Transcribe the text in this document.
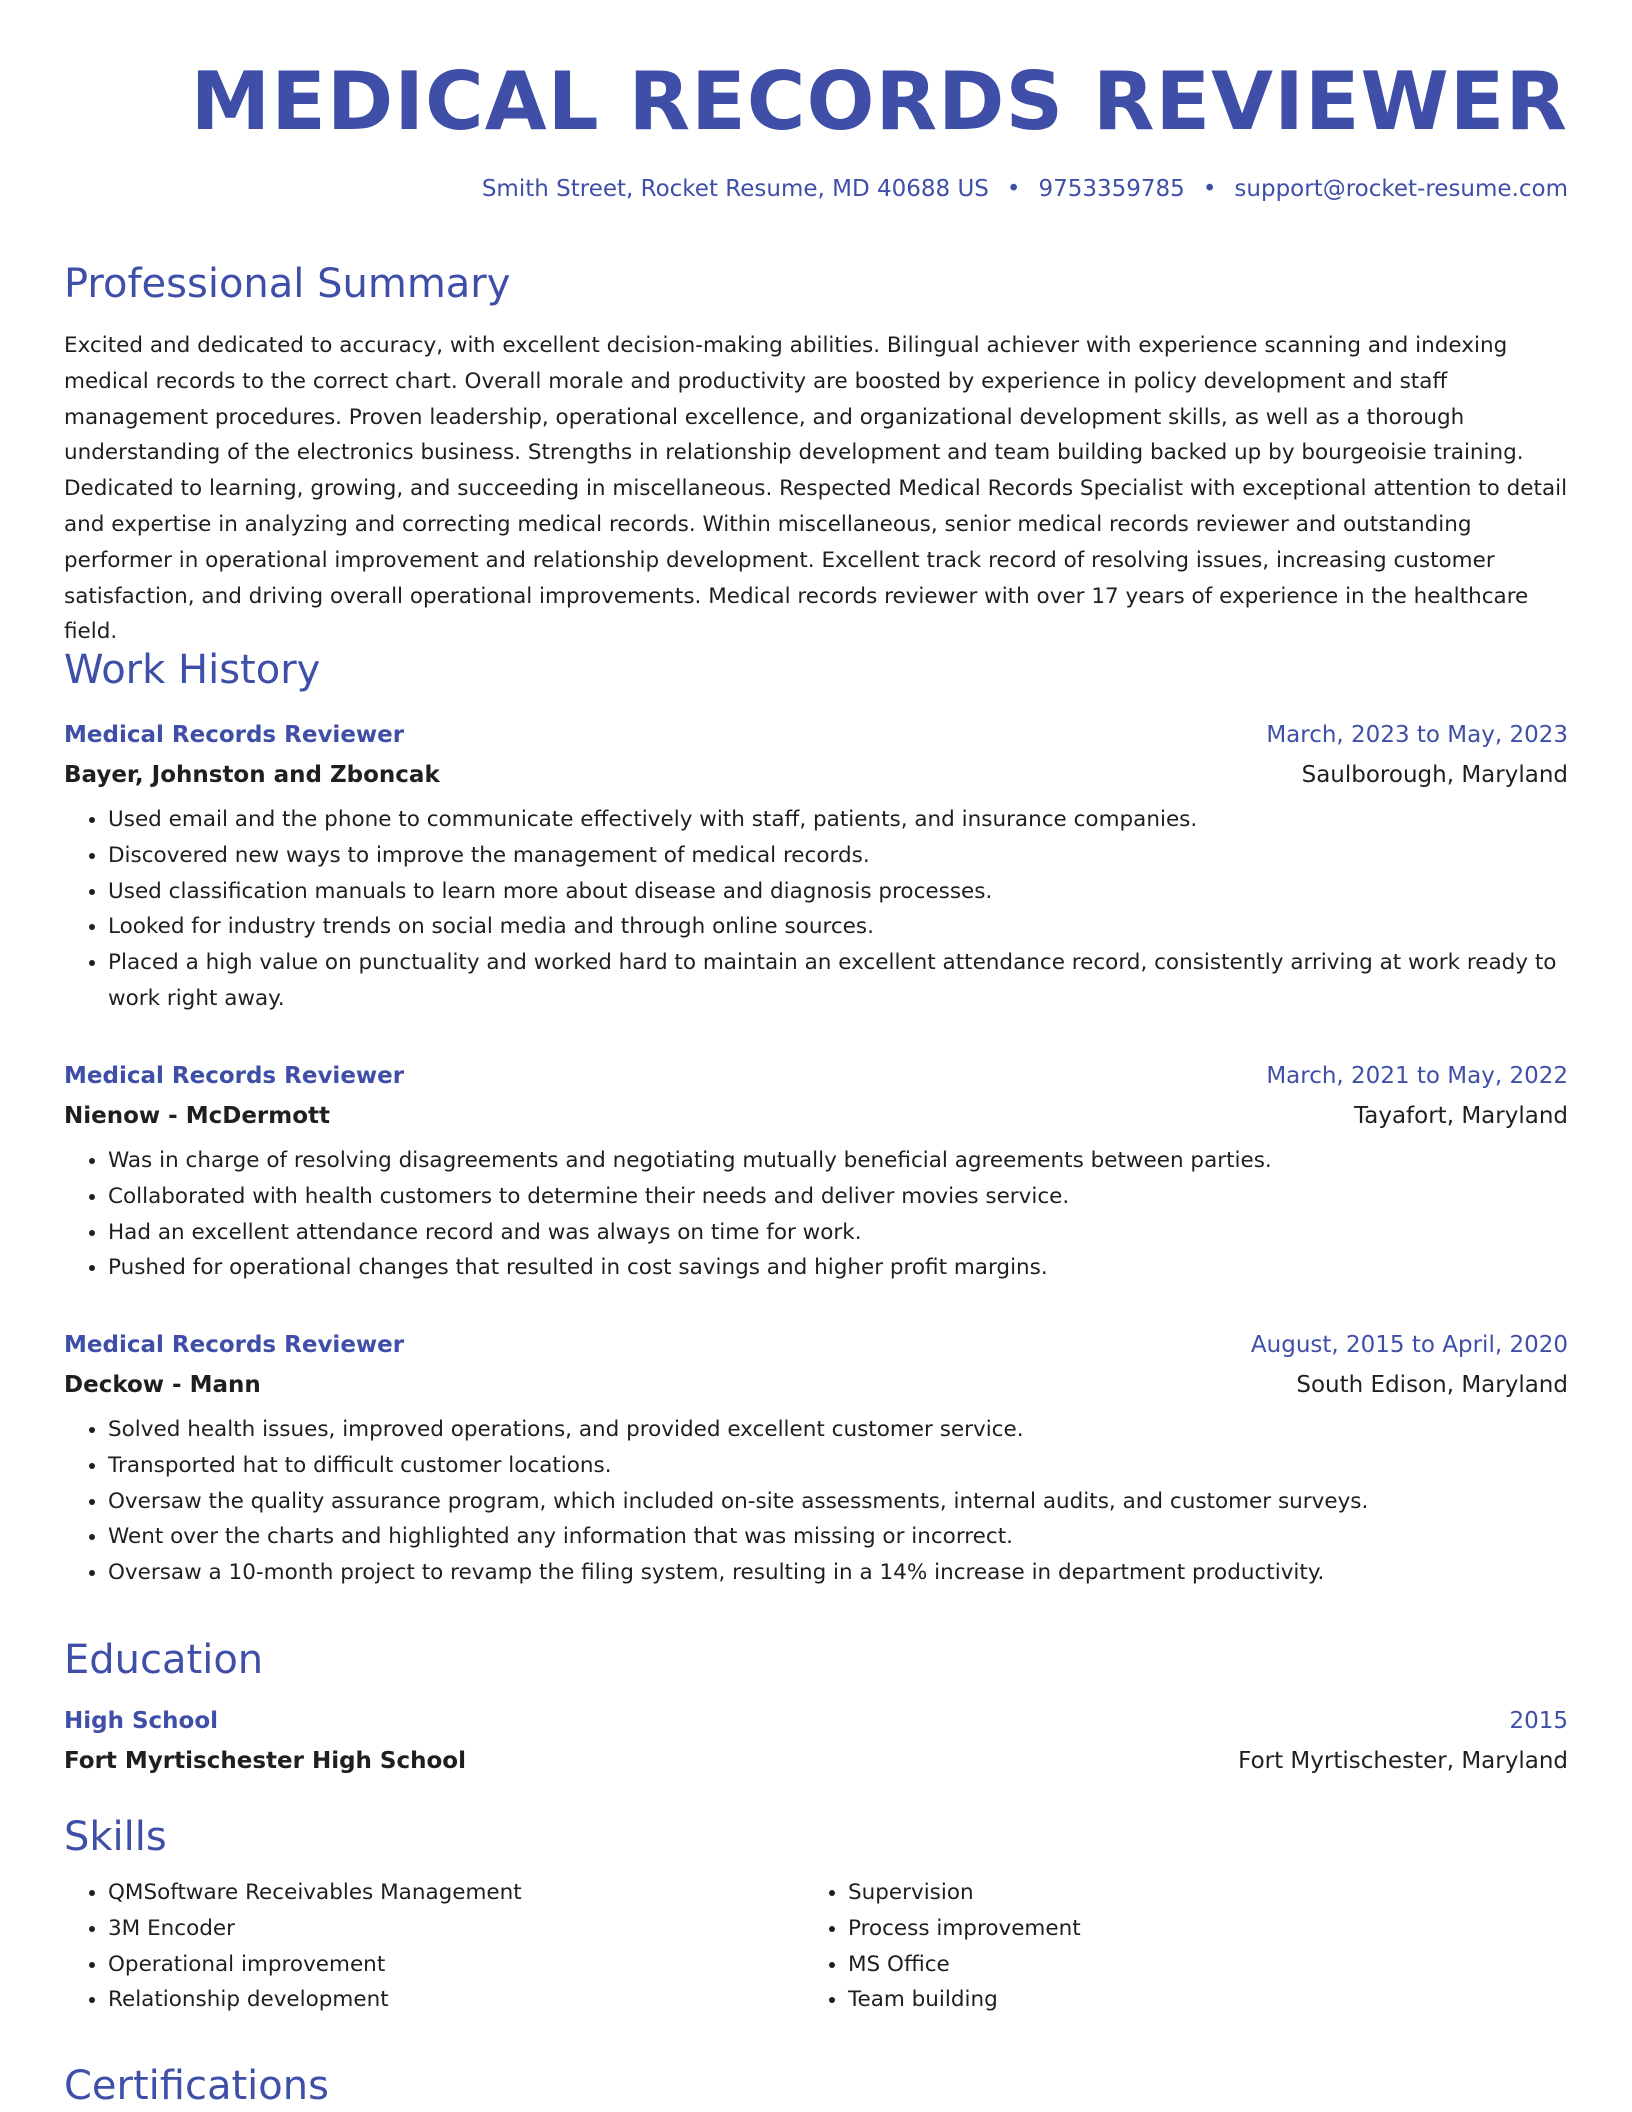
MEDICAL RECORDS REVIEWER
Smith Street, Rocket Resume, MD 40688 US • 9753359785 • support@rocket-resume.com
Professional Summary

Excited and dedicated to accuracy, with excellent decision-making abilities. Bilingual achiever with experience scanning and indexing medical records to the correct chart. Overall morale and productivity are boosted by experience in policy development and staff management procedures. Proven leadership, operational excellence, and organizational development skills, as well as a thorough understanding of the electronics business. Strengths in relationship development and team building backed up by bourgeoisie training. Dedicated to learning, growing, and succeeding in miscellaneous. Respected Medical Records Specialist with exceptional attention to detail and expertise in analyzing and correcting medical records. Within miscellaneous, senior medical records reviewer and outstanding performer in operational improvement and relationship development. Excellent track record of resolving issues, increasing customer satisfaction, and driving overall operational improvements. Medical records reviewer with over 17 years of experience in the healthcare field.

Work History
Medical Records Reviewer	March, 2023 to May, 2023
Bayer, Johnston and Zboncak	Saulborough, Maryland
• Used email and the phone to communicate effectively with staff, patients, and insurance companies.
• Discovered new ways to improve the management of medical records.
• Used classification manuals to learn more about disease and diagnosis processes.
• Looked for industry trends on social media and through online sources.
• Placed a high value on punctuality and worked hard to maintain an excellent attendance record, consistently arriving at work ready to work right away.
Medical Records Reviewer	March, 2021 to May, 2022
Nienow - McDermott	Tayafort, Maryland
• Was in charge of resolving disagreements and negotiating mutually beneficial agreements between parties.
• Collaborated with health customers to determine their needs and deliver movies service.
• Had an excellent attendance record and was always on time for work.
• Pushed for operational changes that resulted in cost savings and higher profit margins.
Medical Records Reviewer	August, 2015 to April, 2020
Deckow - Mann	South Edison, Maryland
• Solved health issues, improved operations, and provided excellent customer service.
• Transported hat to difficult customer locations.
• Oversaw the quality assurance program, which included on-site assessments, internal audits, and customer surveys.
• Went over the charts and highlighted any information that was missing or incorrect.
• Oversaw a 10-month project to revamp the filing system, resulting in a 14% increase in department productivity.
Education
High School	2015
Fort Myrtischester High School	Fort Myrtischester, Maryland
Skills
• QMSoftware Receivables Management
• 3M Encoder
• Operational improvement
• Relationship development
• Supervision
• Process improvement
• MS Office
• Team building
Certifications
